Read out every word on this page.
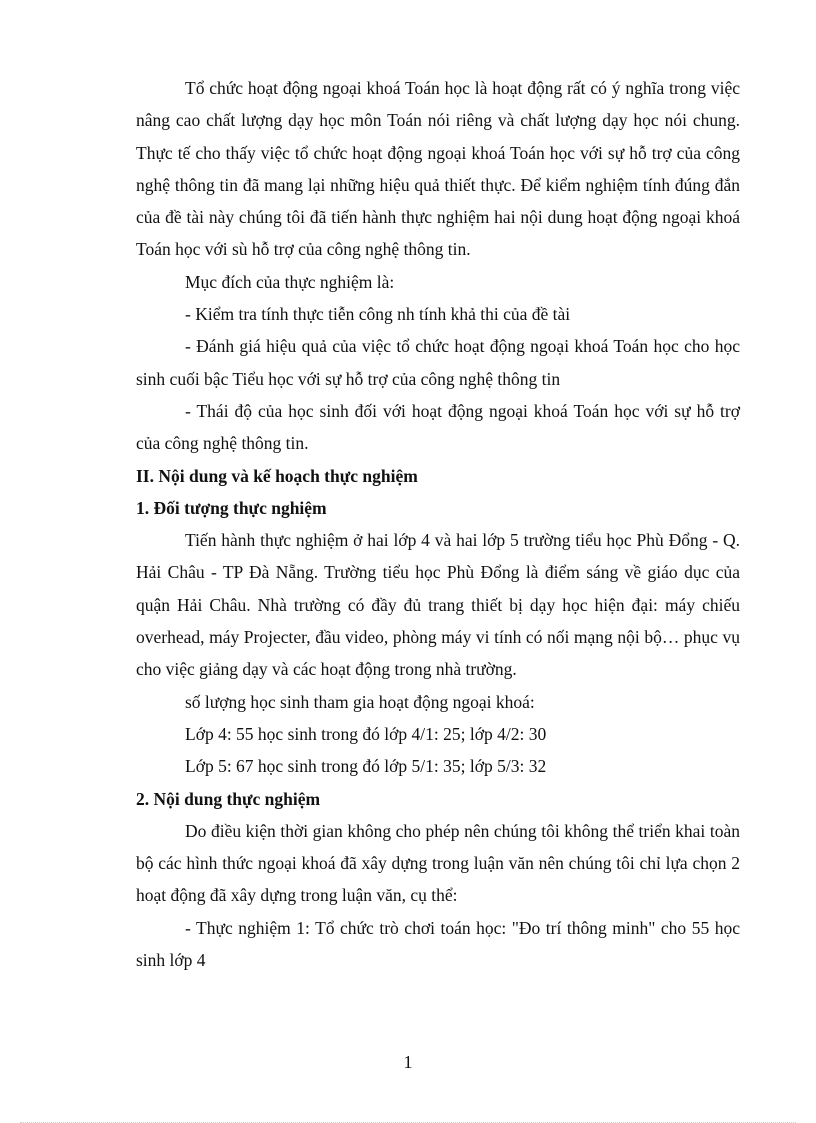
Tổ chức hoạt động ngoại khoá Toán học là hoạt động rất có ý nghĩa trong việc nâng cao chất lượng dạy học môn Toán nói riêng và chất lượng dạy học nói chung. Thực tế cho thấy việc tổ chức hoạt động ngoại khoá Toán học với sự hỗ trợ của công nghệ thông tin đã mang lại những hiệu quả thiết thực. Để kiểm nghiệm tính đúng đắn của đề tài này chúng tôi đã tiến hành thực nghiệm hai nội dung hoạt động ngoại khoá Toán học với sù hỗ trợ của công nghệ thông tin.

Mục đích của thực nghiệm là:

- Kiểm tra tính thực tiễn công nh tính khả thi của đề tài

- Đánh giá hiệu quả của việc tổ chức hoạt động ngoại khoá Toán học cho học sinh cuối bậc Tiểu học với sự hỗ trợ của công nghệ thông tin

- Thái độ của học sinh đối với hoạt động ngoại khoá Toán học với sự hỗ trợ của công nghệ thông tin.

II. Nội dung và kế hoạch thực nghiệm

1. Đối tượng thực nghiệm

Tiến hành thực nghiệm ở hai lớp 4 và hai lớp 5 trường tiểu học Phù Đổng - Q. Hải Châu - TP Đà Nẵng. Trường tiểu học Phù Đổng là điểm sáng về giáo dục của quận Hải Châu. Nhà trường có đầy đủ trang thiết bị dạy học hiện đại: máy chiếu overhead, máy Projecter, đầu video, phòng máy vi tính có nối mạng nội bộ… phục vụ cho việc giảng dạy và các hoạt động trong nhà trường.

số lượng học sinh tham gia hoạt động ngoại khoá:

Lớp 4: 55 học sinh trong đó lớp 4/1: 25; lớp 4/2: 30

Lớp 5: 67 học sinh trong đó lớp 5/1: 35; lớp 5/3: 32

2. Nội dung thực nghiệm

Do điều kiện thời gian không cho phép nên chúng tôi không thể triển khai toàn bộ các hình thức ngoại khoá đã xây dựng trong luận văn nên chúng tôi chỉ lựa chọn 2 hoạt động đã xây dựng trong luận văn, cụ thể:

- Thực nghiệm 1: Tổ chức trò chơi toán học: "Đo trí thông minh" cho 55 học sinh lớp 4

1
